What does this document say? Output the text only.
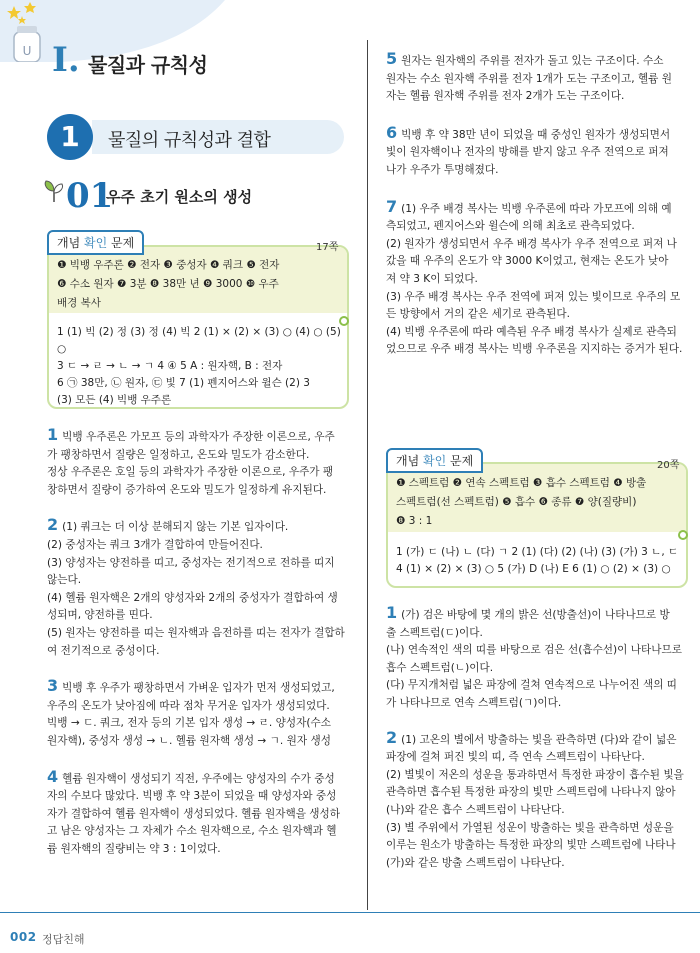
U I. 물질과 규칙성
1	물질의 규칙성과 결합
01
우주 초기 원소의 생성
개념 확인 문제	17쪽
❶ 빅뱅 우주론 ❷ 전자 ❸ 중성자 ❹ 쿼크 ❺ 전자
❻ 수소 원자 ❼ 3분 ❽ 38만 년 ❾ 3000 ❿ 우주
배경 복사
1 (1) 빅 (2) 정 (3) 정 (4) 빅 2 (1) × (2) × (3) ○ (4) ○ (5) ○
3 ㄷ → ㄹ → ㄴ → ㄱ 4 ④ 5 A : 원자핵, B : 전자
6 ㉠ 38만, ㉡ 원자, ㉢ 빛 7 (1) 펜지어스와 윌슨 (2) 3
(3) 모든 (4) 빅뱅 우주론
1 빅뱅 우주론은 가모프 등의 과학자가 주장한 이론으로, 우주
가 팽창하면서 질량은 일정하고, 온도와 밀도가 감소한다.
정상 우주론은 호일 등의 과학자가 주장한 이론으로, 우주가 팽
창하면서 질량이 증가하여 온도와 밀도가 일정하게 유지된다.
2 (1) 쿼크는 더 이상 분해되지 않는 기본 입자이다.
(2) 중성자는 쿼크 3개가 결합하여 만들어진다.
(3) 양성자는 양전하를 띠고, 중성자는 전기적으로 전하를 띠지
않는다.
(4) 헬륨 원자핵은 2개의 양성자와 2개의 중성자가 결합하여 생
성되며, 양전하를 띤다.
(5) 원자는 양전하를 띠는 원자핵과 음전하를 띠는 전자가 결합하
여 전기적으로 중성이다.
3 빅뱅 후 우주가 팽창하면서 가벼운 입자가 먼저 생성되었고,
우주의 온도가 낮아짐에 따라 점차 무거운 입자가 생성되었다.
빅뱅 → ㄷ. 쿼크, 전자 등의 기본 입자 생성 → ㄹ. 양성자(수소
원자핵), 중성자 생성 → ㄴ. 헬륨 원자핵 생성 → ㄱ. 원자 생성
4 헬륨 원자핵이 생성되기 직전, 우주에는 양성자의 수가 중성
자의 수보다 많았다. 빅뱅 후 약 3분이 되었을 때 양성자와 중성
자가 결합하여 헬륨 원자핵이 생성되었다. 헬륨 원자핵을 생성하
고 남은 양성자는 그 자체가 수소 원자핵으로, 수소 원자핵과 헬
륨 원자핵의 질량비는 약 3 : 1이었다.
5 원자는 원자핵의 주위를 전자가 돌고 있는 구조이다. 수소
원자는 수소 원자핵 주위를 전자 1개가 도는 구조이고, 헬륨 원
자는 헬륨 원자핵 주위를 전자 2개가 도는 구조이다.
6 빅뱅 후 약 38만 년이 되었을 때 중성인 원자가 생성되면서
빛이 원자핵이나 전자의 방해를 받지 않고 우주 전역으로 퍼져
나가 우주가 투명해졌다.
7 (1) 우주 배경 복사는 빅뱅 우주론에 따라 가모프에 의해 예
측되었고, 펜지어스와 윌슨에 의해 최초로 관측되었다.
(2) 원자가 생성되면서 우주 배경 복사가 우주 전역으로 퍼져 나
갔을 때 우주의 온도가 약 3000 K이었고, 현재는 온도가 낮아
져 약 3 K이 되었다.
(3) 우주 배경 복사는 우주 전역에 퍼져 있는 빛이므로 우주의 모
든 방향에서 거의 같은 세기로 관측된다.
(4) 빅뱅 우주론에 따라 예측된 우주 배경 복사가 실제로 관측되
었으므로 우주 배경 복사는 빅뱅 우주론을 지지하는 증거가 된다.
개념 확인 문제	20쪽
❶ 스펙트럼 ❷ 연속 스펙트럼 ❸ 흡수 스펙트럼 ❹ 방출
스펙트럼(선 스펙트럼) ❺ 흡수 ❻ 종류 ❼ 양(질량비)
❽ 3 : 1
1 (가) ㄷ (나) ㄴ (다) ㄱ 2 (1) (다) (2) (나) (3) (가) 3 ㄴ, ㄷ
4 (1) × (2) × (3) ○ 5 (가) D (나) E 6 (1) ○ (2) × (3) ○
1 (가) 검은 바탕에 몇 개의 밝은 선(방출선)이 나타나므로 방
출 스펙트럼(ㄷ)이다.
(나) 연속적인 색의 띠를 바탕으로 검은 선(흡수선)이 나타나므로
흡수 스펙트럼(ㄴ)이다.
(다) 무지개처럼 넓은 파장에 걸쳐 연속적으로 나누어진 색의 띠
가 나타나므로 연속 스펙트럼(ㄱ)이다.
2 (1) 고온의 별에서 방출하는 빛을 관측하면 (다)와 같이 넓은
파장에 걸쳐 퍼진 빛의 띠, 즉 연속 스펙트럼이 나타난다.
(2) 별빛이 저온의 성운을 통과하면서 특정한 파장이 흡수된 빛을
관측하면 흡수된 특정한 파장의 빛만 스펙트럼에 나타나지 않아
(나)와 같은 흡수 스펙트럼이 나타난다.
(3) 별 주위에서 가열된 성운이 방출하는 빛을 관측하면 성운을
이루는 원소가 방출하는 특정한 파장의 빛만 스펙트럼에 나타나
(가)와 같은 방출 스펙트럼이 나타난다.
002 정답친해
